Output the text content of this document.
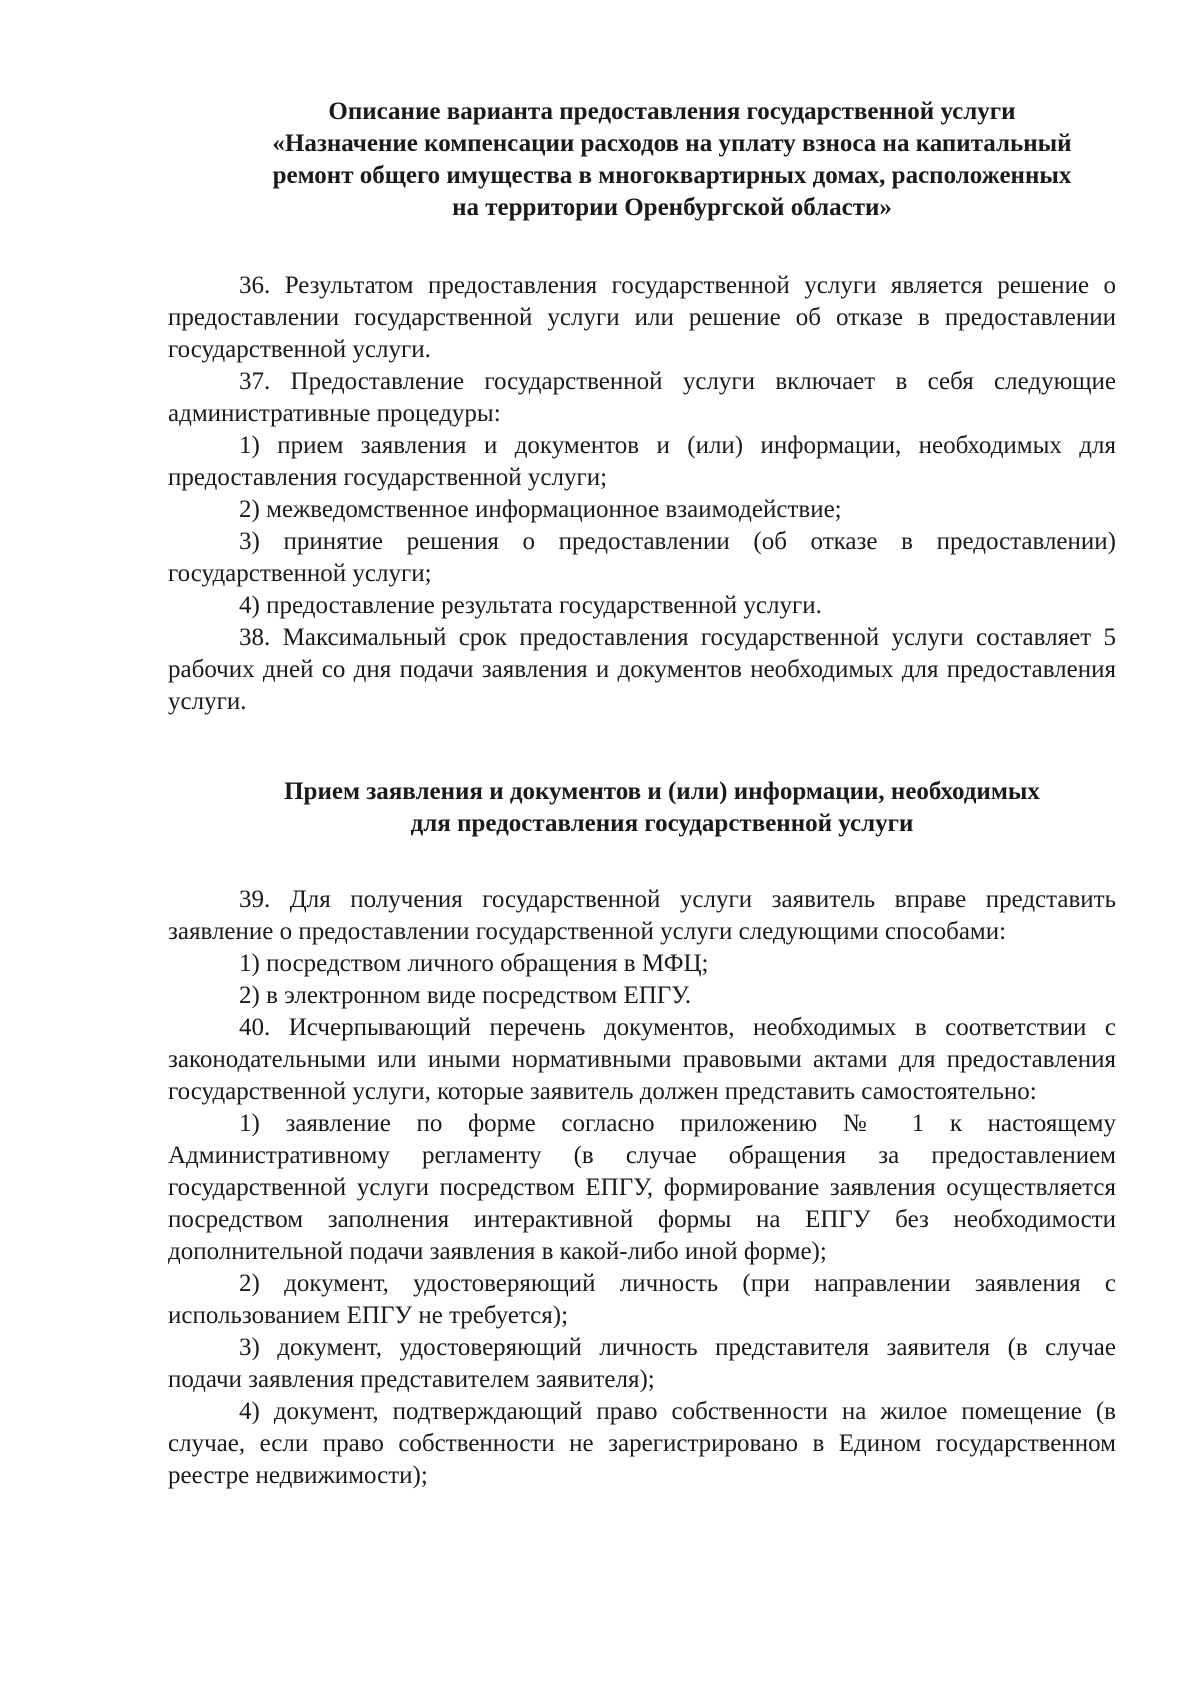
Описание варианта предоставления государственной услуги
«Назначение компенсации расходов на уплату взноса на капитальный
ремонт общего имущества в многоквартирных домах, расположенных
на территории Оренбургской области»

36. Результатом предоставления государственной услуги является решение о предоставлении государственной услуги или решение об отказе в предоставлении государственной услуги.

37. Предоставление государственной услуги включает в себя следующие административные процедуры:

1) прием заявления и документов и (или) информации, необходимых для предоставления государственной услуги;

2) межведомственное информационное взаимодействие;

3) принятие решения о предоставлении (об отказе в предоставлении) государственной услуги;

4) предоставление результата государственной услуги.

38. Максимальный срок предоставления государственной услуги составляет 5 рабочих дней со дня подачи заявления и документов необходимых для предоставления услуги.

Прием заявления и документов и (или) информации, необходимых
для предоставления государственной услуги

39. Для получения государственной услуги заявитель вправе представить заявление о предоставлении государственной услуги следующими способами:

1) посредством личного обращения в МФЦ;

2) в электронном виде посредством ЕПГУ.

40. Исчерпывающий перечень документов, необходимых в соответствии с законодательными или иными нормативными правовыми актами для предоставления государственной услуги, которые заявитель должен представить самостоятельно:

1) заявление по форме согласно приложению № 1 к настоящему Административному регламенту (в случае обращения за предоставлением государственной услуги посредством ЕПГУ, формирование заявления осуществляется посредством заполнения интерактивной формы на ЕПГУ без необходимости дополнительной подачи заявления в какой-либо иной форме);

2) документ, удостоверяющий личность (при направлении заявления с использованием ЕПГУ не требуется);

3) документ, удостоверяющий личность представителя заявителя (в случае подачи заявления представителем заявителя);

4) документ, подтверждающий право собственности на жилое помещение (в случае, если право собственности не зарегистрировано в Едином государственном реестре недвижимости);
